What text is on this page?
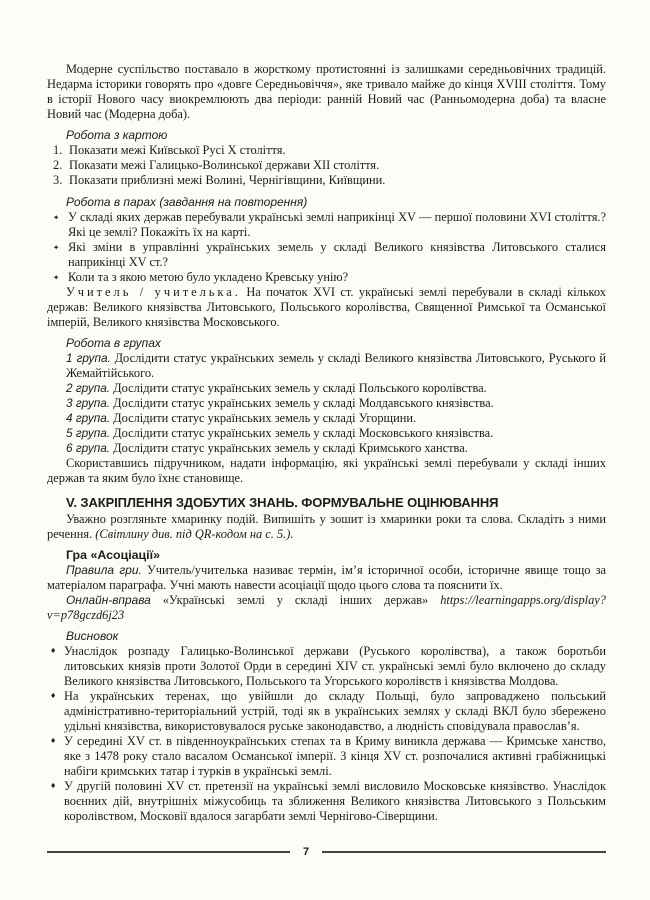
Модерне суспільство поставало в жорсткому протистоянні із залишками середньовічних традицій. Недарма історики говорять про «довге Середньовіччя», яке тривало майже до кінця XVIII століття. Тому в історії Нового часу виокремлюють два періоди: ранній Новий час (Ранньомодерна доба) та власне Новий час (Модерна доба).

Робота з картою

1. Показати межі Київської Русі X століття.
2. Показати межі Галицько-Волинської держави XII століття.
3. Показати приблизні межі Волині, Чернігівщини, Київщини.

Робота в парах (завдання на повторення)

✦ У складі яких держав перебували українські землі наприкінці XV — першої половини XVI століття.? Які це землі? Покажіть їх на карті.
✦ Які зміни в управлінні українських земель у складі Великого князівства Литовського сталися наприкінці XV ст.?
✦ Коли та з якою метою було укладено Кревську унію?

Учитель / учителька. На початок XVI ст. українські землі перебували в складі кількох держав: Великого князівства Литовського, Польського королівства, Священної Римської та Османської імперій, Великого князівства Московського.

Робота в групах

1 група. Дослідити статус українських земель у складі Великого князівства Литовського, Руського й Жемайтійського.

2 група. Дослідити статус українських земель у складі Польського королівства.

3 група. Дослідити статус українських земель у складі Молдавського князівства.

4 група. Дослідити статус українських земель у складі Угорщини.

5 група. Дослідити статус українських земель у складі Московського князівства.

6 група. Дослідити статус українських земель у складі Кримського ханства.

Скориставшись підручником, надати інформацію, які українські землі перебували у складі інших держав та яким було їхнє становище.

V. ЗАКРІПЛЕННЯ ЗДОБУТИХ ЗНАНЬ. ФОРМУВАЛЬНЕ ОЦІНЮВАННЯ

Уважно розгляньте хмаринку подій. Випишіть у зошит із хмаринки роки та слова. Складіть з ними речення. (Світлину див. під QR-кодом на с. 5.).

Гра «Асоціації»

Правила гри. Учитель/учителька називає термін, ім’я історичної особи, історичне явище тощо за матеріалом параграфа. Учні мають навести асоціації щодо цього слова та пояснити їх.

Онлайн-вправа «Українські землі у складі інших держав» https://learningapps.org/display?v=p78gczd6j23

Висновок

♦ Унаслідок розпаду Галицько-Волинської держави (Руського королівства), а також боротьби литовських князів проти Золотої Орди в середині XIV ст. українські землі було включено до складу Великого князівства Литовського, Польського та Угорського королівств і князівства Молдова.
♦ На українських теренах, що увійшли до складу Польщі, було запроваджено польський адміністративно-територіальний устрій, тоді як в українських землях у складі ВКЛ було збережено удільні князівства, використовувалося руське законодавство, а людність сповідувала православ’я.
♦ У середині XV ст. в південноукраїнських степах та в Криму виникла держава — Кримське ханство, яке з 1478 року стало васалом Османської імперії. З кінця XV ст. розпочалися активні грабіжницькі набіги кримських татар і турків в українські землі.
♦ У другій половині XV ст. претензії на українські землі висловило Московське князівство. Унаслідок воєнних дій, внутрішніх міжусобиць та зближення Великого князівства Литовського з Польським королівством, Московії вдалося загарбати землі Чернігово-Сіверщини.
7
